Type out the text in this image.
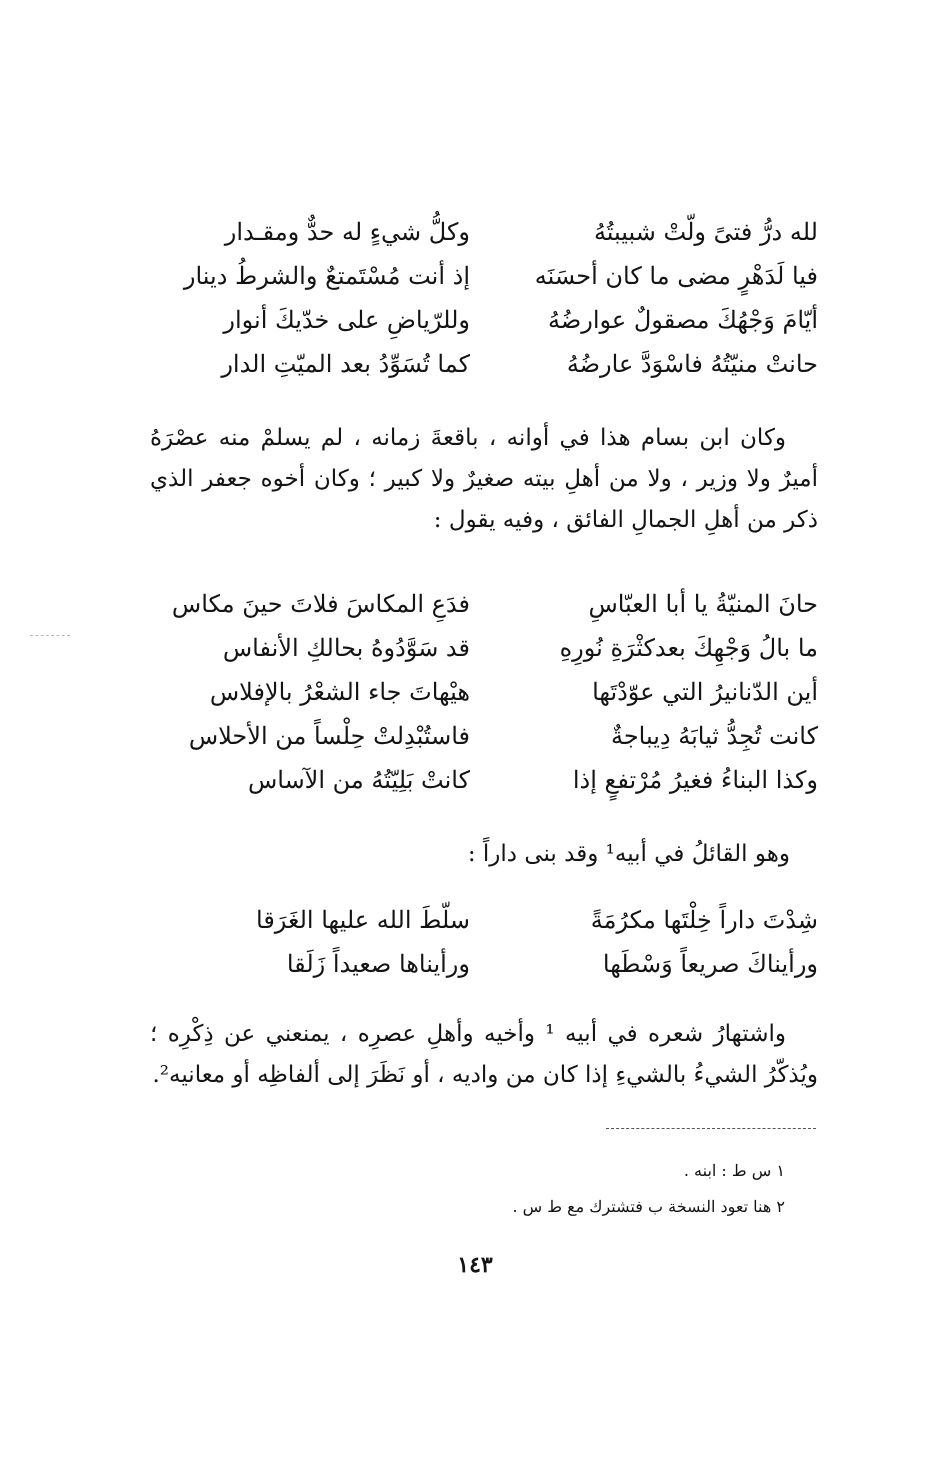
لله درُّ فتىً ولّتْ شبيبتُهُ
وكلُّ شيءٍ له حدٌّ ومقـدار
فيا لَدَهْرٍ مضى ما كان أحسَنَه
إذ أنت مُسْتَمتعٌ والشرطُ دينار
أيّامَ وَجْهُكَ مصقولٌ عوارضُهُ
وللرّياضِ على خدّيكَ أنوار
حانتْ منيّتُهُ فاسْوَدَّ عارضُهُ
كما تُسَوِّدُ بعد الميّتِ الدار

وكان ابن بسام هذا في أوانه ، باقعةَ زمانه ، لم يسلمْ منه عصْرَهُ أميرٌ ولا وزير ، ولا من أهلِ بيته صغيرٌ ولا كبير ؛ وكان أخوه جعفر الذي ذكر من أهلِ الجمالِ الفائق ، وفيه يقول :

حانَ المنيّةُ يا أبا العبّاسِ
فدَعِ المكاسَ فلاتَ حينَ مكاس
ما بالُ وَجْهِكَ بعدكثْرَةِ نُورِهِ
قد سَوَّدُوهُ بحالكِ الأنفاس
أين الدّنانيرُ التي عوّدْتَها
هيْهاتَ جاء الشعْرُ بالإفلاس
كانت تُجِدُّ ثيابَهُ دِيباجةٌ
فاستُبْدِلتْ حِلْساً من الأحلاس
وكذا البناءُ فغيرُ مُرْتفعٍ إذا
كانتْ بَلِيّتُهُ من الآساس
وهو القائلُ في أبيه¹ وقد بنى داراً :
شِدْتَ داراً خِلْتَها مكرُمَةً
سلّطَ الله عليها الغَرَقا
ورأيناكَ صريعاً وَسْطَها
ورأيناها صعيداً زَلَقا

واشتهارُ شعره في أبيه ¹ وأخيه وأهلِ عصرِه ، يمنعني عن ذِكْرِه ؛ ويُذكّرُ الشيءُ بالشيءِ إذا كان من واديه ، أو نَظَرَ إلى ألفاظِه أو معانيه².

١ س ط : ابنه .
٢ هنا تعود النسخة ب فتشترك مع ط س .
١٤٣
